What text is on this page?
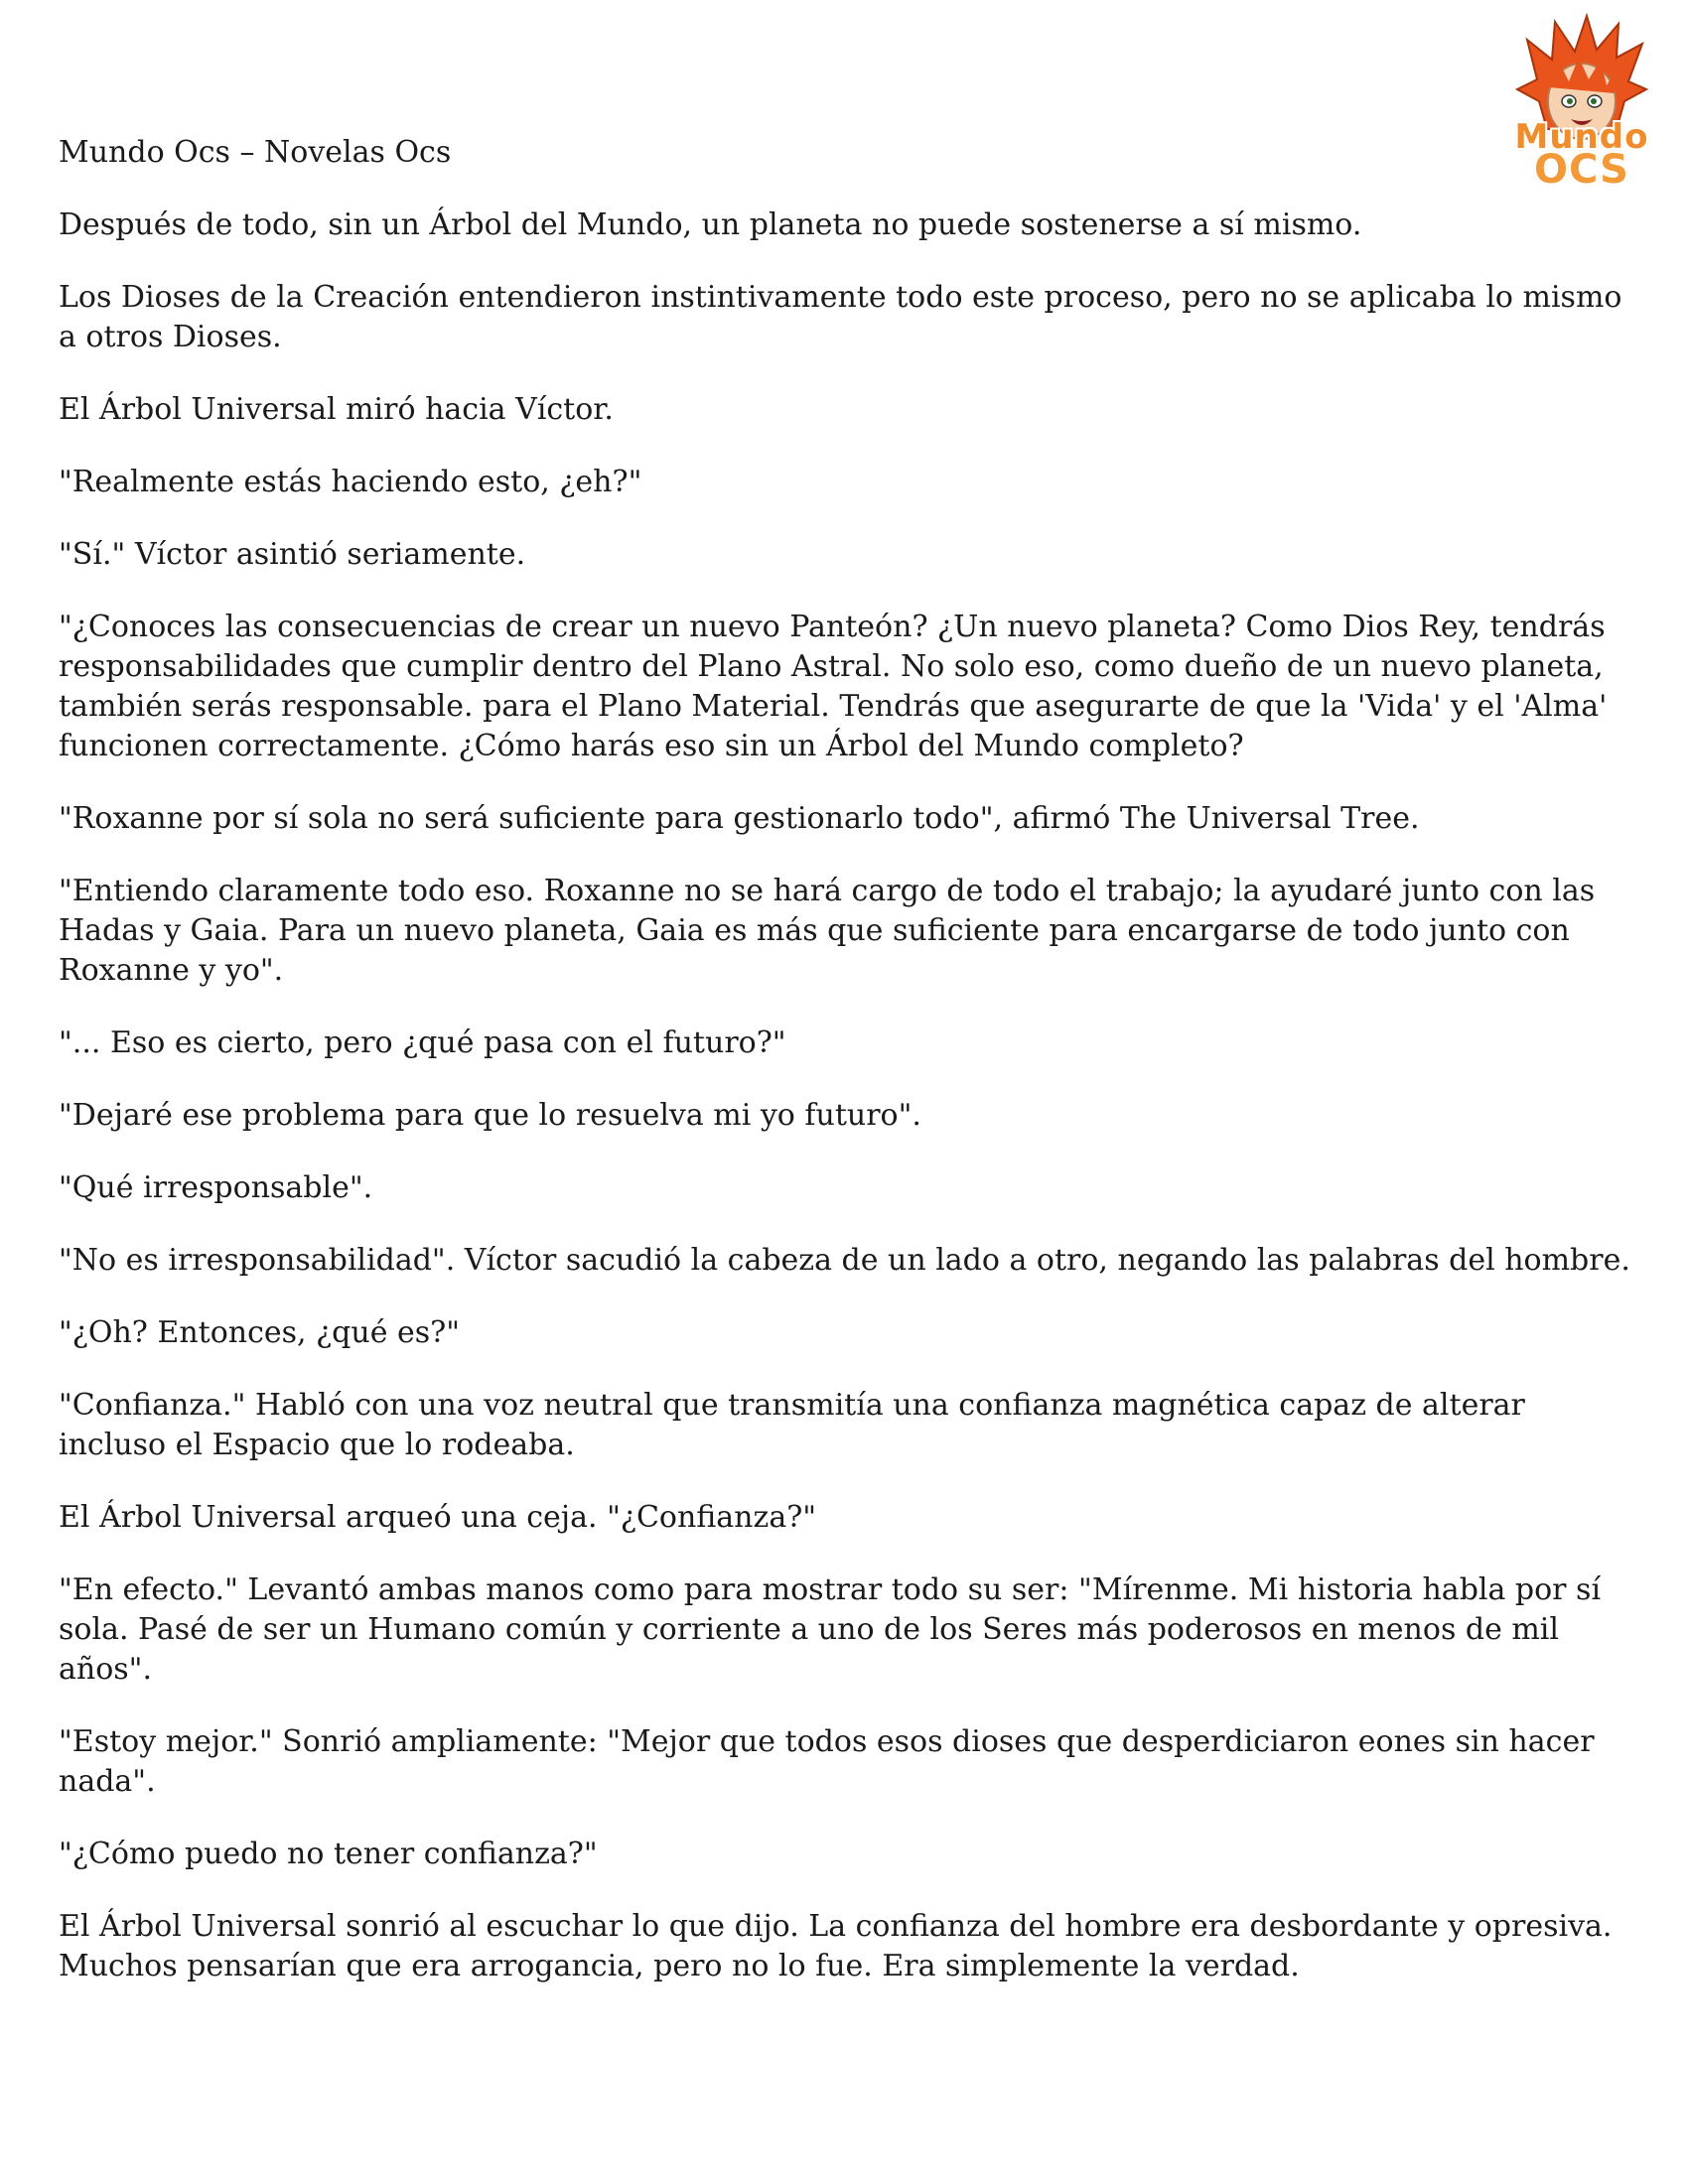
Mundo
OCS
Mundo Ocs – Novelas Ocs

Después de todo, sin un Árbol del Mundo, un planeta no puede sostenerse a sí mismo.

Los Dioses de la Creación entendieron instintivamente todo este proceso, pero no se aplicaba lo mismo a otros Dioses.

El Árbol Universal miró hacia Víctor.

"Realmente estás haciendo esto, ¿eh?"

"Sí." Víctor asintió seriamente.

"¿Conoces las consecuencias de crear un nuevo Panteón? ¿Un nuevo planeta? Como Dios Rey, tendrás responsabilidades que cumplir dentro del Plano Astral. No solo eso, como dueño de un nuevo planeta, también serás responsable. para el Plano Material. Tendrás que asegurarte de que la 'Vida' y el 'Alma' funcionen correctamente. ¿Cómo harás eso sin un Árbol del Mundo completo?

"Roxanne por sí sola no será suficiente para gestionarlo todo", afirmó The Universal Tree.

"Entiendo claramente todo eso. Roxanne no se hará cargo de todo el trabajo; la ayudaré junto con las Hadas y Gaia. Para un nuevo planeta, Gaia es más que suficiente para encargarse de todo junto con Roxanne y yo".

"... Eso es cierto, pero ¿qué pasa con el futuro?"

"Dejaré ese problema para que lo resuelva mi yo futuro".

"Qué irresponsable".

"No es irresponsabilidad". Víctor sacudió la cabeza de un lado a otro, negando las palabras del hombre.

"¿Oh? Entonces, ¿qué es?"

"Confianza." Habló con una voz neutral que transmitía una confianza magnética capaz de alterar incluso el Espacio que lo rodeaba.

El Árbol Universal arqueó una ceja. "¿Confianza?"

"En efecto." Levantó ambas manos como para mostrar todo su ser: "Mírenme. Mi historia habla por sí sola. Pasé de ser un Humano común y corriente a uno de los Seres más poderosos en menos de mil años".

"Estoy mejor." Sonrió ampliamente: "Mejor que todos esos dioses que desperdiciaron eones sin hacer nada".

"¿Cómo puedo no tener confianza?"

El Árbol Universal sonrió al escuchar lo que dijo. La confianza del hombre era desbordante y opresiva. Muchos pensarían que era arrogancia, pero no lo fue. Era simplemente la verdad.
